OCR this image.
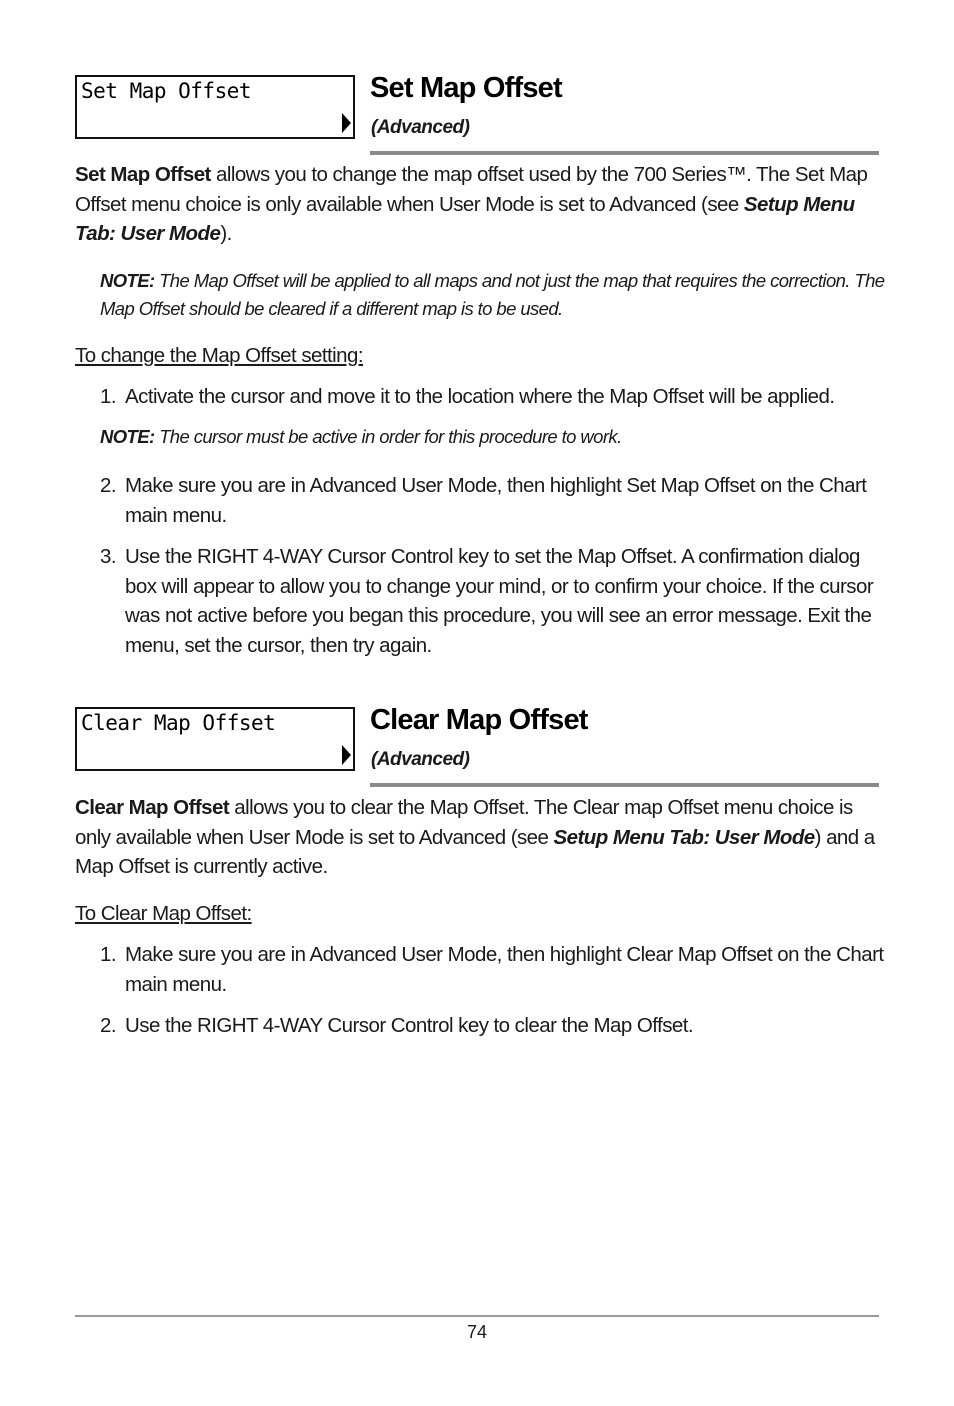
Set Map Offset	Set Map Offset
(Advanced)
Set Map Offset allows you to change the map offset used by the 700 Series™. The Set Map Offset menu choice is only available when User Mode is set to Advanced (see Setup Menu Tab: User Mode).
NOTE: The Map Offset will be applied to all maps and not just the map that requires the correction. The Map Offset should be cleared if a different map is to be used.
To change the Map Offset setting:
1. Activate the cursor and move it to the location where the Map Offset will be applied.
NOTE: The cursor must be active in order for this procedure to work.
2. Make sure you are in Advanced User Mode, then highlight Set Map Offset on the Chart main menu.
3. Use the RIGHT 4-WAY Cursor Control key to set the Map Offset. A confirmation dialog box will appear to allow you to change your mind, or to confirm your choice. If the cursor was not active before you began this procedure, you will see an error message. Exit the menu, set the cursor, then try again.
Clear Map Offset	Clear Map Offset
(Advanced)
Clear Map Offset allows you to clear the Map Offset. The Clear map Offset menu choice is only available when User Mode is set to Advanced (see Setup Menu Tab: User Mode) and a Map Offset is currently active.
To Clear Map Offset:
1. Make sure you are in Advanced User Mode, then highlight Clear Map Offset on the Chart main menu.
2. Use the RIGHT 4-WAY Cursor Control key to clear the Map Offset.
74
